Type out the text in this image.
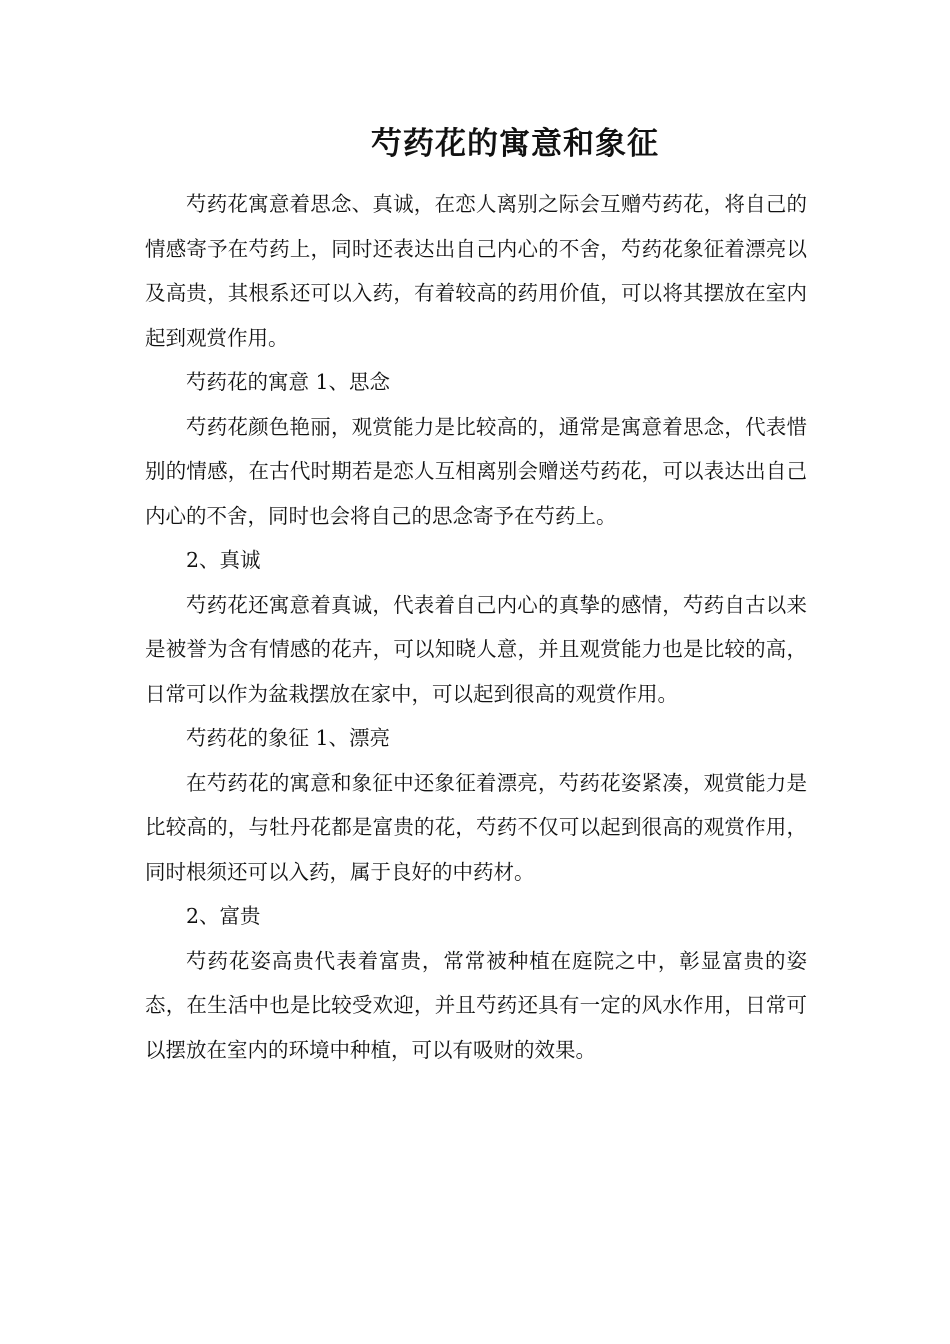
芍药花的寓意和象征

芍药花寓意着思念、真诚，在恋人离别之际会互赠芍药花，将自己的情感寄予在芍药上，同时还表达出自己内心的不舍，芍药花象征着漂亮以及高贵，其根系还可以入药，有着较高的药用价值，可以将其摆放在室内起到观赏作用。

芍药花的寓意 1、思念

芍药花颜色艳丽，观赏能力是比较高的，通常是寓意着思念，代表惜别的情感，在古代时期若是恋人互相离别会赠送芍药花，可以表达出自己内心的不舍，同时也会将自己的思念寄予在芍药上。

2、真诚

芍药花还寓意着真诚，代表着自己内心的真挚的感情，芍药自古以来是被誉为含有情感的花卉，可以知晓人意，并且观赏能力也是比较的高，日常可以作为盆栽摆放在家中，可以起到很高的观赏作用。

芍药花的象征 1、漂亮

在芍药花的寓意和象征中还象征着漂亮，芍药花姿紧凑，观赏能力是比较高的，与牡丹花都是富贵的花，芍药不仅可以起到很高的观赏作用，同时根须还可以入药，属于良好的中药材。

2、富贵

芍药花姿高贵代表着富贵，常常被种植在庭院之中，彰显富贵的姿态，在生活中也是比较受欢迎，并且芍药还具有一定的风水作用，日常可以摆放在室内的环境中种植，可以有吸财的效果。
